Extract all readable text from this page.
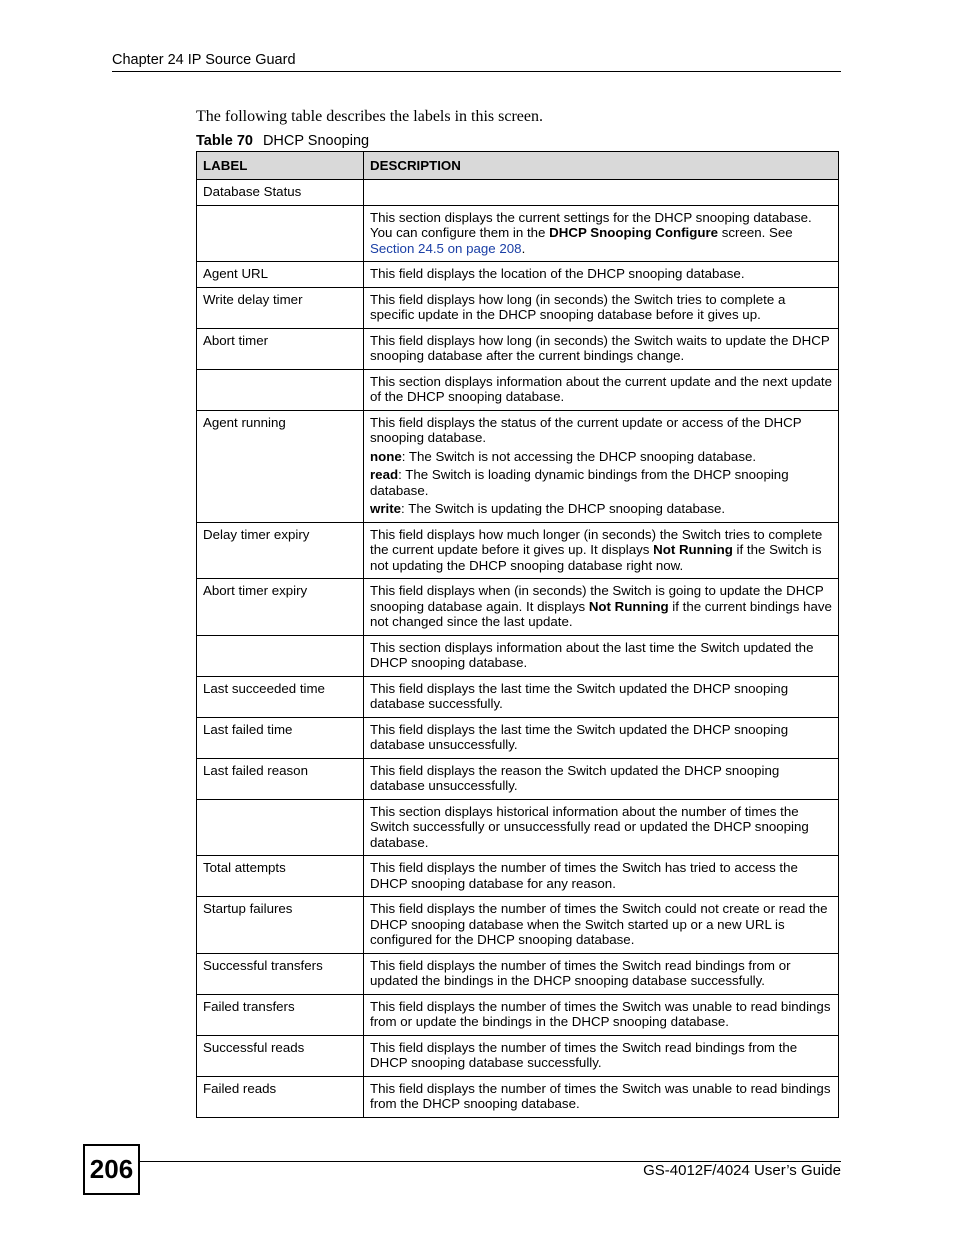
Chapter 24 IP Source Guard
The following table describes the labels in this screen.
Table 70 DHCP Snooping
LABEL	DESCRIPTION
Database Status	

	This section displays the current settings for the DHCP snooping database. You can configure them in the DHCP Snooping Configure screen. See Section 24.5 on page 208.

Agent URL	This field displays the location of the DHCP snooping database.

Write delay timer	This field displays how long (in seconds) the Switch tries to complete a specific update in the DHCP snooping database before it gives up.

Abort timer	This field displays how long (in seconds) the Switch waits to update the DHCP snooping database after the current bindings change.

	This section displays information about the current update and the next update of the DHCP snooping database.

Agent running	This field displays the status of the current update or access of the DHCP snooping database.
none: The Switch is not accessing the DHCP snooping database.
read: The Switch is loading dynamic bindings from the DHCP snooping database.
write: The Switch is updating the DHCP snooping database.

Delay timer expiry	This field displays how much longer (in seconds) the Switch tries to complete the current update before it gives up. It displays Not Running if the Switch is not updating the DHCP snooping database right now.

Abort timer expiry	This field displays when (in seconds) the Switch is going to update the DHCP snooping database again. It displays Not Running if the current bindings have not changed since the last update.

	This section displays information about the last time the Switch updated the DHCP snooping database.

Last succeeded time	This field displays the last time the Switch updated the DHCP snooping database successfully.

Last failed time	This field displays the last time the Switch updated the DHCP snooping database unsuccessfully.

Last failed reason	This field displays the reason the Switch updated the DHCP snooping database unsuccessfully.

	This section displays historical information about the number of times the Switch successfully or unsuccessfully read or updated the DHCP snooping database.

Total attempts	This field displays the number of times the Switch has tried to access the DHCP snooping database for any reason.

Startup failures	This field displays the number of times the Switch could not create or read the DHCP snooping database when the Switch started up or a new URL is configured for the DHCP snooping database.

Successful transfers	This field displays the number of times the Switch read bindings from or updated the bindings in the DHCP snooping database successfully.

Failed transfers	This field displays the number of times the Switch was unable to read bindings from or update the bindings in the DHCP snooping database.

Successful reads	This field displays the number of times the Switch read bindings from the DHCP snooping database successfully.

Failed reads	This field displays the number of times the Switch was unable to read bindings from the DHCP snooping database.
206	GS-4012F/4024 User’s Guide
